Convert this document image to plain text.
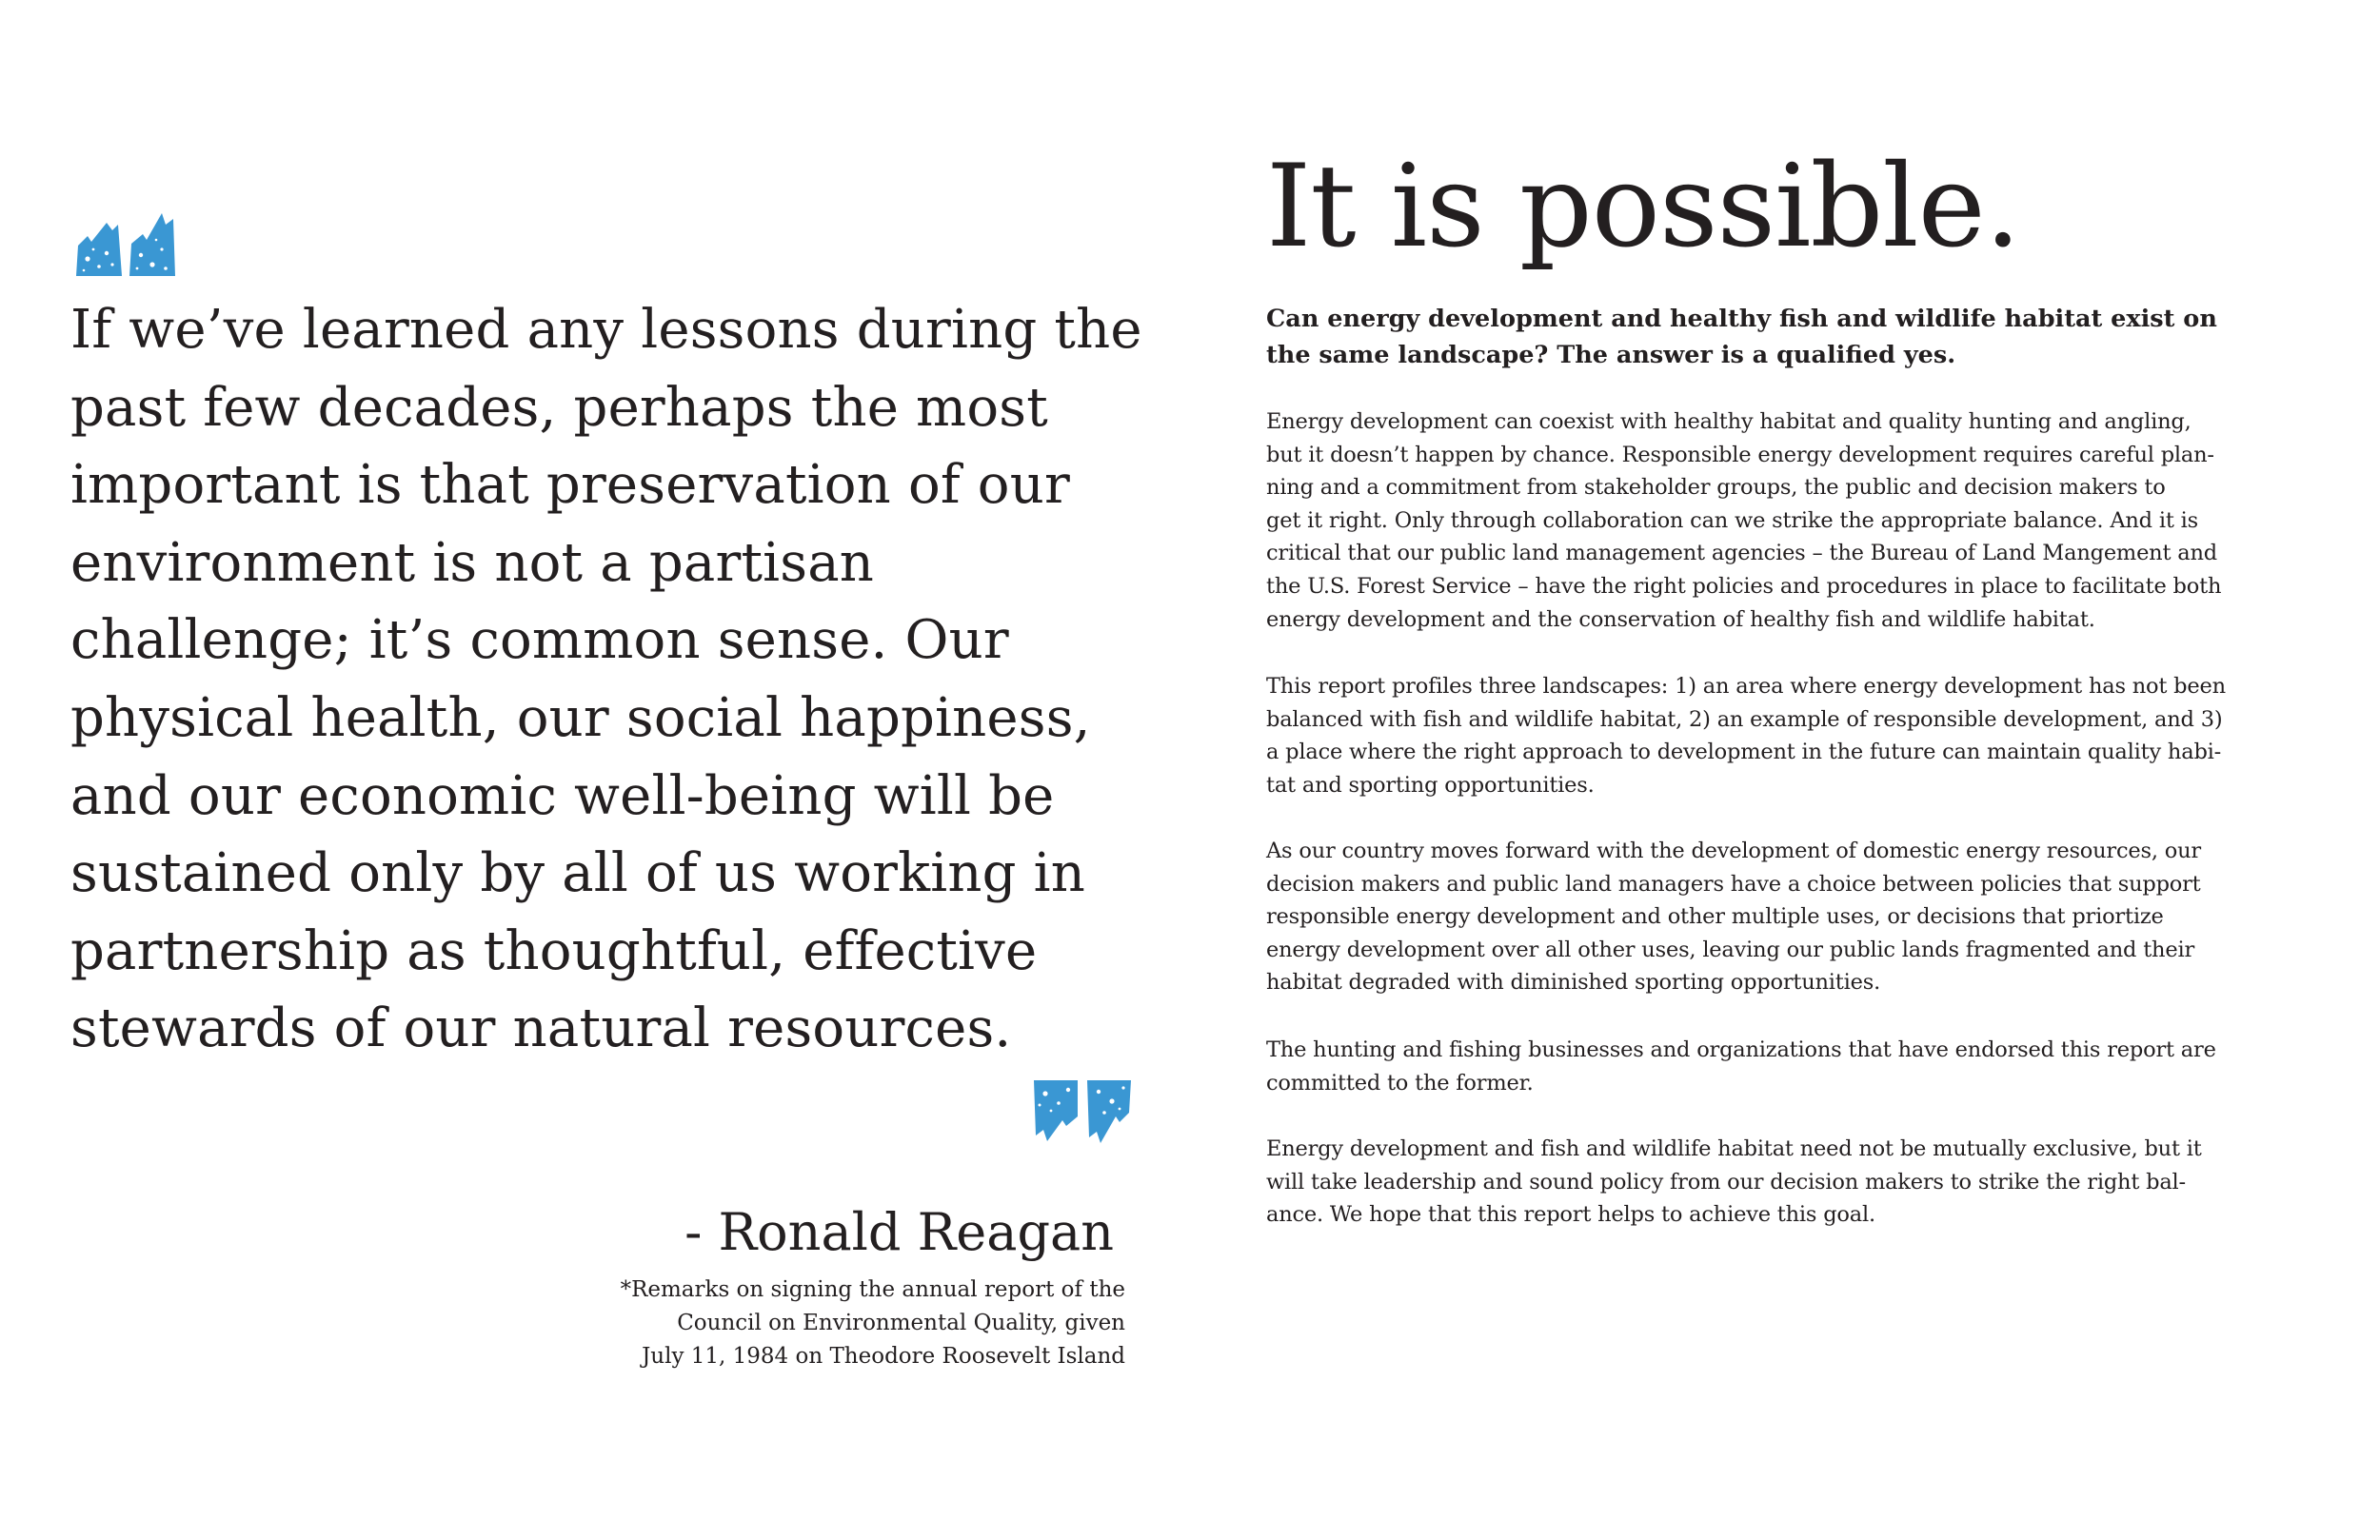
If we’ve learned any lessons during the past few decades, perhaps the most important is that preservation of our environment is not a partisan challenge; it’s common sense. Our physical health, our social happiness, and our economic well-being will be sustained only by all of us working in partnership as thoughtful, effective stewards of our natural resources.

- Ronald Reagan
*Remarks on signing the annual report of the
Council on Environmental Quality, given
July 11, 1984 on Theodore Roosevelt Island
It is possible.
Can energy development and healthy fish and wildlife habitat exist on
the same landscape? The answer is a qualified yes.
Energy development can coexist with healthy habitat and quality hunting and angling,
but it doesn’t happen by chance. Responsible energy development requires careful plan-
ning and a commitment from stakeholder groups, the public and decision makers to
get it right. Only through collaboration can we strike the appropriate balance. And it is
critical that our public land management agencies – the Bureau of Land Mangement and
the U.S. Forest Service – have the right policies and procedures in place to facilitate both
energy development and the conservation of healthy fish and wildlife habitat.
This report profiles three landscapes: 1) an area where energy development has not been
balanced with fish and wildlife habitat, 2) an example of responsible development, and 3)
a place where the right approach to development in the future can maintain quality habi-
tat and sporting opportunities.
As our country moves forward with the development of domestic energy resources, our
decision makers and public land managers have a choice between policies that support
responsible energy development and other multiple uses, or decisions that priortize
energy development over all other uses, leaving our public lands fragmented and their
habitat degraded with diminished sporting opportunities.
The hunting and fishing businesses and organizations that have endorsed this report are
committed to the former.
Energy development and fish and wildlife habitat need not be mutually exclusive, but it
will take leadership and sound policy from our decision makers to strike the right bal-
ance. We hope that this report helps to achieve this goal.
